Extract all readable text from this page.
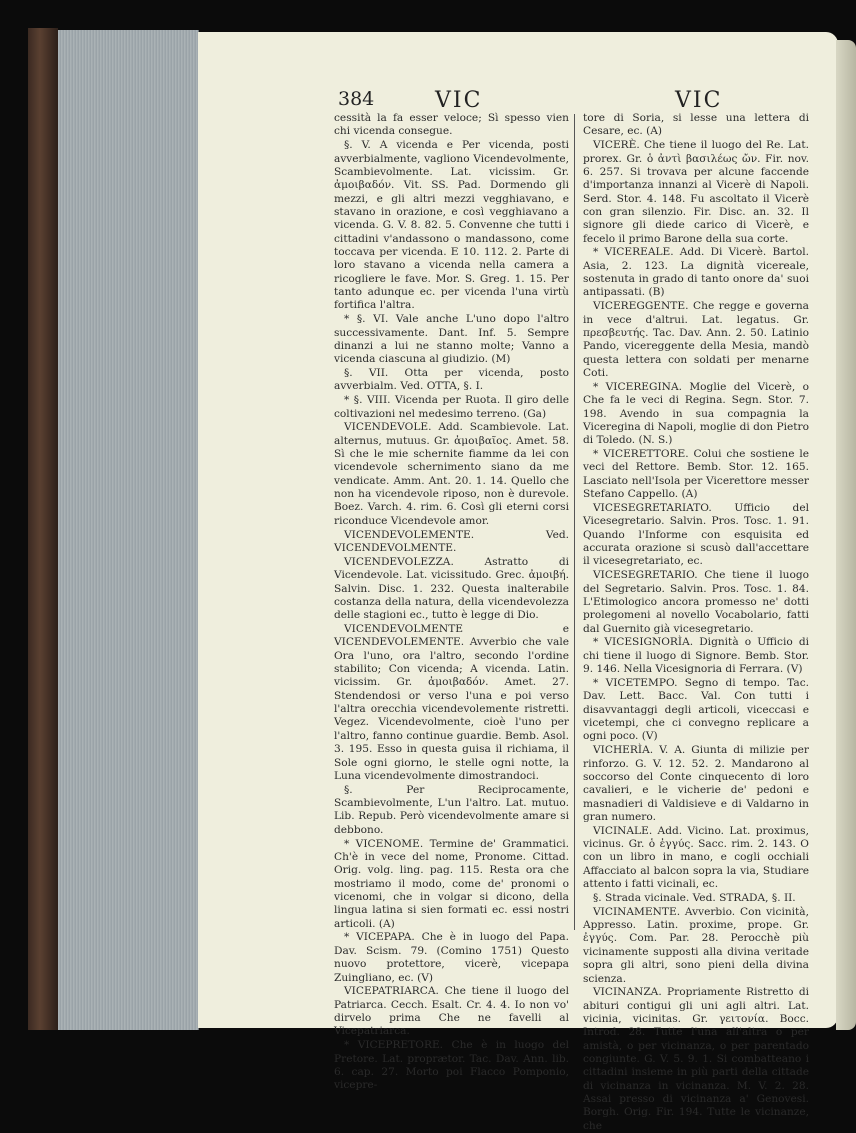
384	VIC	VIC

cessità la fa esser veloce; Sì spesso vien chi vicenda consegue.

§. V. A vicenda e Per vicenda, posti avverbialmente, vagliono Vicendevolmente, Scambievolmente. Lat. vicissim. Gr. ἀμοιβαδόν. Vit. SS. Pad. Dormendo gli mezzi, e gli altri mezzi vegghiavano, e stavano in orazione, e così vegghiavano a vicenda. G. V. 8. 82. 5. Convenne che tutti i cittadini v'andassono o mandassono, come toccava per vicenda. E 10. 112. 2. Parte di loro stavano a vicenda nella camera a ricogliere le fave. Mor. S. Greg. 1. 15. Per tanto adunque ec. per vicenda l'una virtù fortifica l'altra.

* §. VI. Vale anche L'uno dopo l'altro successivamente. Dant. Inf. 5. Sempre dinanzi a lui ne stanno molte; Vanno a vicenda ciascuna al giudizio. (M)

§. VII. Otta per vicenda, posto avverbialm. Ved. OTTA, §. I.

* §. VIII. Vicenda per Ruota. Il giro delle coltivazioni nel medesimo terreno. (Ga)

VICENDEVOLE. Add. Scambievole. Lat. alternus, mutuus. Gr. ἀμοιβαῖος. Amet. 58. Sì che le mie schernite fiamme da lei con vicendevole schernimento siano da me vendicate. Amm. Ant. 20. 1. 14. Quello che non ha vicendevole riposo, non è durevole. Boez. Varch. 4. rim. 6. Così gli eterni corsi riconduce Vicendevole amor.

VICENDEVOLEMENTE. Ved. VICENDEVOLMENTE.

VICENDEVOLEZZA. Astratto di Vicendevole. Lat. vicissitudo. Grec. ἀμοιβή. Salvin. Disc. 1. 232. Questa inalterabile costanza della natura, della vicendevolezza delle stagioni ec., tutto è legge di Dio.

VICENDEVOLMENTE e VICENDEVOLEMENTE. Avverbio che vale Ora l'uno, ora l'altro, secondo l'ordine stabilito; Con vicenda; A vicenda. Latin. vicissim. Gr. ἀμοιβαδόν. Amet. 27. Stendendosi or verso l'una e poi verso l'altra orecchia vicendevolemente ristretti. Vegez. Vicendevolmente, cioè l'uno per l'altro, fanno continue guardie. Bemb. Asol. 3. 195. Esso in questa guisa il richiama, il Sole ogni giorno, le stelle ogni notte, la Luna vicendevolmente dimostrandoci.

§. Per Reciprocamente, Scambievolmente, L'un l'altro. Lat. mutuo. Lib. Repub. Però vicendevolmente amare si debbono.

* VICENOME. Termine de' Grammatici. Ch'è in vece del nome, Pronome. Cittad. Orig. volg. ling. pag. 115. Resta ora che mostriamo il modo, come de' pronomi o vicenomi, che in volgar si dicono, della lingua latina si sien formati ec. essi nostri articoli. (A)

* VICEPAPA. Che è in luogo del Papa. Dav. Scism. 79. (Comino 1751) Questo nuovo protettore, vicerè, vicepapa Zuingliano, ec. (V)

VICEPATRIARCA. Che tiene il luogo del Patriarca. Cecch. Esalt. Cr. 4. 4. Io non vo' dirvelo prima Che ne favelli al Vicepatriarca.

* VICEPRETORE. Che è in luogo del Pretore. Lat. proprætor. Tac. Dav. Ann. lib. 6. cap. 27. Morto poi Flacco Pomponio, vicepre-

tore di Soria, si lesse una lettera di Cesare, ec. (A)

VICERÈ. Che tiene il luogo del Re. Lat. prorex. Gr. ὁ ἀντὶ βασιλέως ὤν. Fir. nov. 6. 257. Si trovava per alcune faccende d'importanza innanzi al Vicerè di Napoli. Serd. Stor. 4. 148. Fu ascoltato il Vicerè con gran silenzio. Fir. Disc. an. 32. Il signore gli diede carico di Vicerè, e fecelo il primo Barone della sua corte.

* VICEREALE. Add. Di Vicerè. Bartol. Asia, 2. 123. La dignità vicereale, sostenuta in grado di tanto onore da' suoi antipassati. (B)

VICEREGGENTE. Che regge e governa in vece d'altrui. Lat. legatus. Gr. πρεσβευτής. Tac. Dav. Ann. 2. 50. Latinio Pando, vicereggente della Mesia, mandò questa lettera con soldati per menarne Coti.

* VICEREGINA. Moglie del Vicerè, o Che fa le veci di Regina. Segn. Stor. 7. 198. Avendo in sua compagnia la Viceregina di Napoli, moglie di don Pietro di Toledo. (N. S.)

* VICERETTORE. Colui che sostiene le veci del Rettore. Bemb. Stor. 12. 165. Lasciato nell'Isola per Vicerettore messer Stefano Cappello. (A)

VICESEGRETARIATO. Ufficio del Vicesegretario. Salvin. Pros. Tosc. 1. 91. Quando l'Informe con esquisita ed accurata orazione si scusò dall'accettare il vicesegretariato, ec.

VICESEGRETARIO. Che tiene il luogo del Segretario. Salvin. Pros. Tosc. 1. 84. L'Etimologico ancora promesso ne' dotti prolegomeni al novello Vocabolario, fatti dal Guernito già vicesegretario.

* VICESIGNORÌA. Dignità o Ufficio di chi tiene il luogo di Signore. Bemb. Stor. 9. 146. Nella Vicesignoria di Ferrara. (V)

* VICETEMPO. Segno di tempo. Tac. Dav. Lett. Bacc. Val. Con tutti i disavvantaggi degli articoli, viceccasi e vicetempi, che ci convegno replicare a ogni poco. (V)

VICHERÌA. V. A. Giunta di milizie per rinforzo. G. V. 12. 52. 2. Mandarono al soccorso del Conte cinquecento di loro cavalieri, e le vicherie de' pedoni e masnadieri di Valdisieve e di Valdarno in gran numero.

VICINALE. Add. Vicino. Lat. proximus, vicinus. Gr. ὁ ἐγγύς. Sacc. rim. 2. 143. O con un libro in mano, e cogli occhiali Affacciato al balcon sopra la via, Studiare attento i fatti vicinali, ec.

§. Strada vicinale. Ved. STRADA, §. II.

VICINAMENTE. Avverbio. Con vicinità, Appresso. Latin. proxime, prope. Gr. ἐγγύς. Com. Par. 28. Perocchè più vicinamente supposti alla divina veritade sopra gli altri, sono pieni della divina scienza.

VICINANZA. Propriamente Ristretto di abituri contigui gli uni agli altri. Lat. vicinia, vicinitas. Gr. γειτονία. Bocc. Introd. 28. Tutte l'una all'altra o per amistà, o per vicinanza, o per parentado congiunte. G. V. 5. 9. 1. Si combatteano i cittadini insieme in più parti della cittade di vicinanza in vicinanza. M. V. 2. 28. Assai presso di vicinanza a' Genovesi. Borgh. Orig. Fir. 194. Tutte le vicinanze, che
